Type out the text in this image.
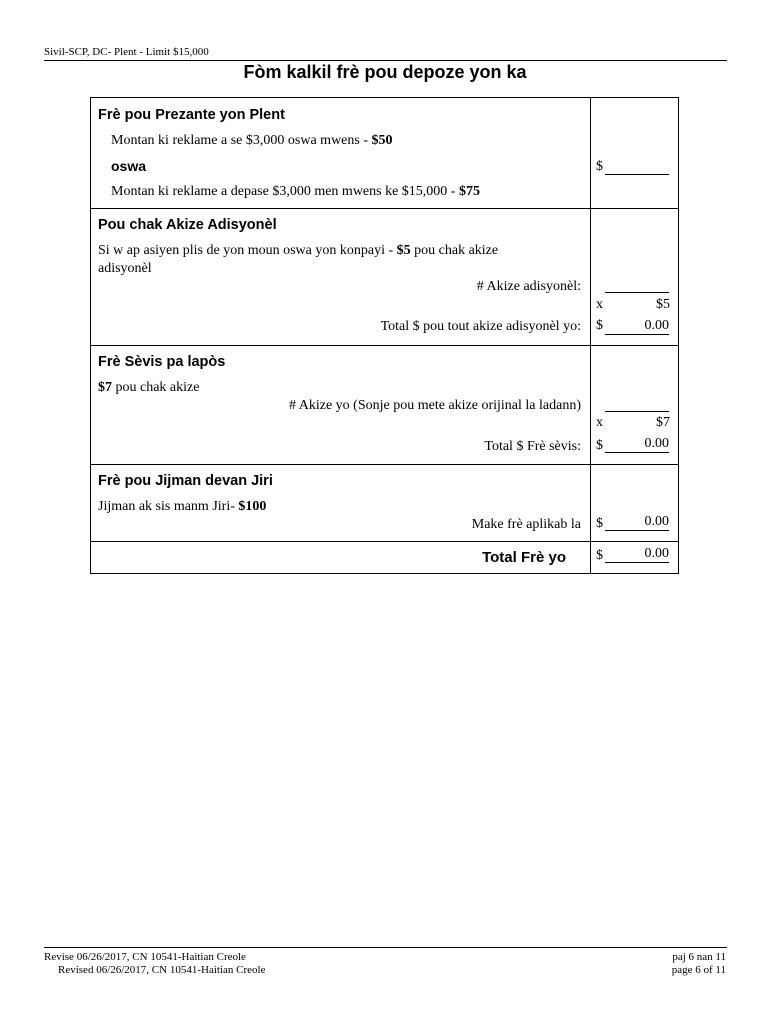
Sivil-SCP, DC- Plent - Limit $15,000
Fòm kalkil frè pou depoze yon ka
Frè pou Prezante yon Plent
Montan ki reklame a se $3,000 oswa mwens - $50
oswa
Montan ki reklame a depase $3,000 men mwens ke $15,000 - $75
$
Pou chak Akize Adisyonèl
Si w ap asiyen plis de yon moun oswa yon konpayi - $5 pou chak akize
adisyonèl
# Akize adisyonèl:
x	$5
Total $ pou tout akize adisyonèl yo: $	0.00
Frè Sèvis pa lapòs
$7 pou chak akize
# Akize yo (Sonje pou mete akize orijinal la ladann)
x	$7
Total $ Frè sèvis: $	0.00
Frè pou Jijman devan Jiri
Jijman ak sis manm Jiri- $100
Make frè aplikab la $	0.00
Total Frè yo $	0.00
Revise 06/26/2017, CN 10541-Haitian Creole
Revised 06/26/2017, CN 10541-Haitian Creole
paj 6 nan 11
page 6 of 11
